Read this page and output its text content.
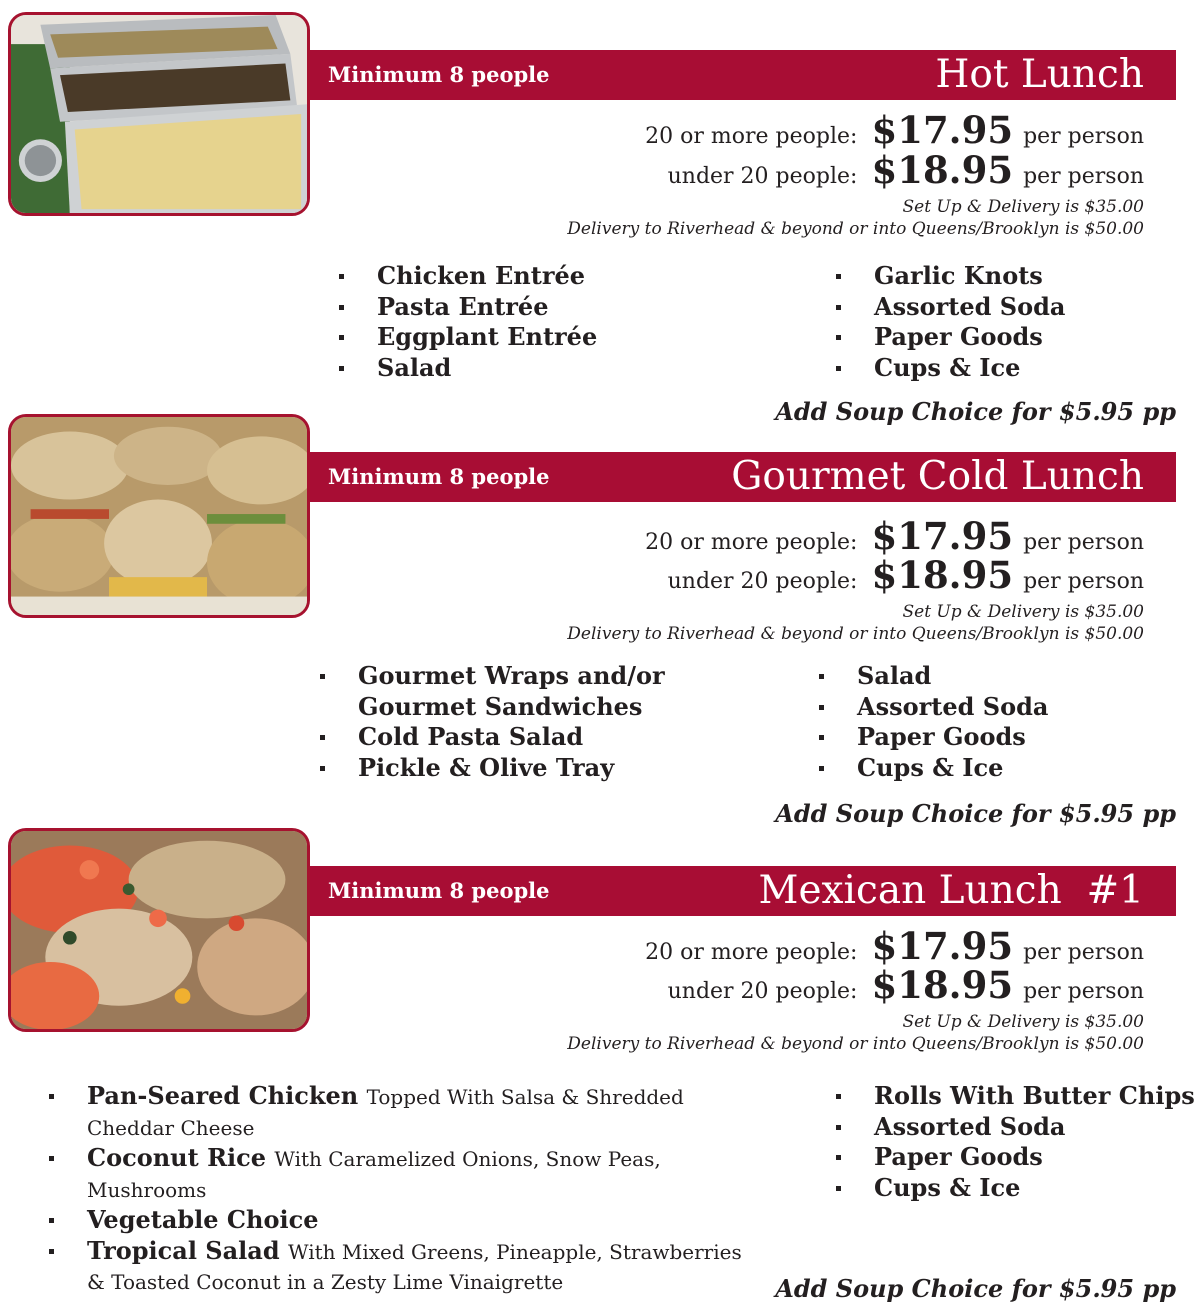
Minimum 8 people	Hot Lunch
20 or more people: $17.95 per person
under 20 people: $18.95 per person
Set Up & Delivery is $35.00
Delivery to Riverhead & beyond or into Queens/Brooklyn is $50.00
Chicken Entrée
Pasta Entrée
Eggplant Entrée
Salad
Garlic Knots
Assorted Soda
Paper Goods
Cups & Ice
Add Soup Choice for $5.95 pp
Minimum 8 people	Gourmet Cold Lunch
20 or more people: $17.95 per person
under 20 people: $18.95 per person
Set Up & Delivery is $35.00
Delivery to Riverhead & beyond or into Queens/Brooklyn is $50.00
Gourmet Wraps and/or
Gourmet Sandwiches
Cold Pasta Salad
Pickle & Olive Tray
Salad
Assorted Soda
Paper Goods
Cups & Ice
Add Soup Choice for $5.95 pp
Minimum 8 people	Mexican Lunch  #1
20 or more people: $17.95 per person
under 20 people: $18.95 per person
Set Up & Delivery is $35.00
Delivery to Riverhead & beyond or into Queens/Brooklyn is $50.00
Pan-Seared Chicken Topped With Salsa & Shredded
Cheddar Cheese
Coconut Rice With Caramelized Onions, Snow Peas,
Mushrooms
Vegetable Choice
Tropical Salad With Mixed Greens, Pineapple, Strawberries
& Toasted Coconut in a Zesty Lime Vinaigrette
Rolls With Butter Chips
Assorted Soda
Paper Goods
Cups & Ice
Add Soup Choice for $5.95 pp
